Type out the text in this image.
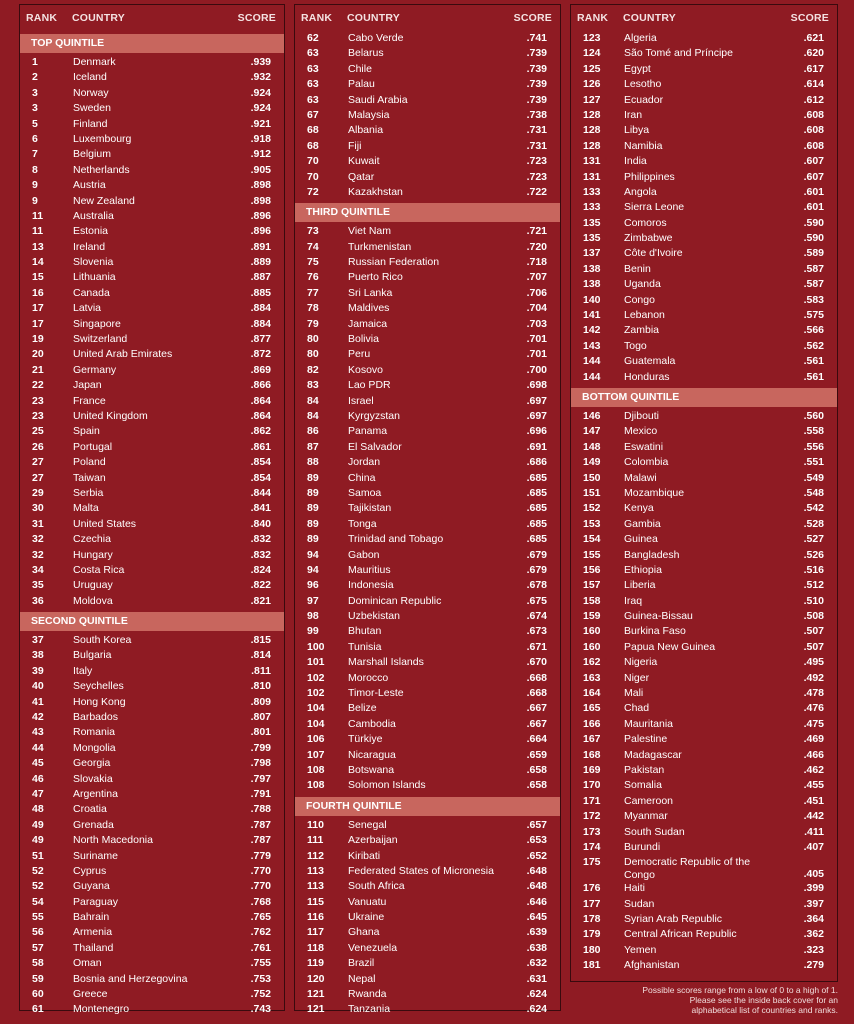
RANK COUNTRY	SCORE
TOP QUINTILE
1	Denmark	.939
2	Iceland	.932
3	Norway	.924
3	Sweden	.924
5	Finland	.921
6	Luxembourg	.918
7	Belgium	.912
8	Netherlands	.905
9	Austria	.898
9	New Zealand	.898
11	Australia	.896
11	Estonia	.896
13	Ireland	.891
14	Slovenia	.889
15	Lithuania	.887
16	Canada	.885
17	Latvia	.884
17	Singapore	.884
19	Switzerland	.877
20	United Arab Emirates	.872
21	Germany	.869
22	Japan	.866
23	France	.864
23	United Kingdom	.864
25	Spain	.862
26	Portugal	.861
27	Poland	.854
27	Taiwan	.854
29	Serbia	.844
30	Malta	.841
31	United States	.840
32	Czechia	.832
32	Hungary	.832
34	Costa Rica	.824
35	Uruguay	.822
36	Moldova	.821
SECOND QUINTILE
37	South Korea	.815
38	Bulgaria	.814
39	Italy	.811
40	Seychelles	.810
41	Hong Kong	.809
42	Barbados	.807
43	Romania	.801
44	Mongolia	.799
45	Georgia	.798
46	Slovakia	.797
47	Argentina	.791
48	Croatia	.788
49	Grenada	.787
49	North Macedonia	.787
51	Suriname	.779
52	Cyprus	.770
52	Guyana	.770
54	Paraguay	.768
55	Bahrain	.765
56	Armenia	.762
57	Thailand	.761
58	Oman	.755
59	Bosnia and Herzegovina	.753
60	Greece	.752
61	Montenegro	.743
RANK COUNTRY	SCORE
62	Cabo Verde	.741
63	Belarus	.739
63	Chile	.739
63	Palau	.739
63	Saudi Arabia	.739
67	Malaysia	.738
68	Albania	.731
68	Fiji	.731
70	Kuwait	.723
70	Qatar	.723
72	Kazakhstan	.722
THIRD QUINTILE
73	Viet Nam	.721
74	Turkmenistan	.720
75	Russian Federation	.718
76	Puerto Rico	.707
77	Sri Lanka	.706
78	Maldives	.704
79	Jamaica	.703
80	Bolivia	.701
80	Peru	.701
82	Kosovo	.700
83	Lao PDR	.698
84	Israel	.697
84	Kyrgyzstan	.697
86	Panama	.696
87	El Salvador	.691
88	Jordan	.686
89	China	.685
89	Samoa	.685
89	Tajikistan	.685
89	Tonga	.685
89	Trinidad and Tobago	.685
94	Gabon	.679
94	Mauritius	.679
96	Indonesia	.678
97	Dominican Republic	.675
98	Uzbekistan	.674
99	Bhutan	.673
100 Tunisia	.671
101 Marshall Islands	.670
102 Morocco	.668
102 Timor-Leste	.668
104 Belize	.667
104 Cambodia	.667
106 Türkiye	.664
107 Nicaragua	.659
108 Botswana	.658
108 Solomon Islands	.658
FOURTH QUINTILE
110 Senegal	.657
111 Azerbaijan	.653
112 Kiribati	.652
113 Federated States of Micronesia	.648
113 South Africa	.648
115 Vanuatu	.646
116 Ukraine	.645
117 Ghana	.639
118 Venezuela	.638
119 Brazil	.632
120 Nepal	.631
121 Rwanda	.624
121 Tanzania	.624
RANK COUNTRY	SCORE
123 Algeria	.621
124 São Tomé and Príncipe	.620
125 Egypt	.617
126 Lesotho	.614
127 Ecuador	.612
128 Iran	.608
128 Libya	.608
128 Namibia	.608
131 India	.607
131 Philippines	.607
133 Angola	.601
133 Sierra Leone	.601
135 Comoros	.590
135 Zimbabwe	.590
137 Côte d'Ivoire	.589
138 Benin	.587
138 Uganda	.587
140 Congo	.583
141 Lebanon	.575
142 Zambia	.566
143 Togo	.562
144 Guatemala	.561
144 Honduras	.561
BOTTOM QUINTILE
146 Djibouti	.560
147 Mexico	.558
148 Eswatini	.556
149 Colombia	.551
150 Malawi	.549
151 Mozambique	.548
152 Kenya	.542
153 Gambia	.528
154 Guinea	.527
155 Bangladesh	.526
156 Ethiopia	.516
157 Liberia	.512
158 Iraq	.510
159 Guinea-Bissau	.508
160 Burkina Faso	.507
160 Papua New Guinea	.507
162 Nigeria	.495
163 Niger	.492
164 Mali	.478
165 Chad	.476
166 Mauritania	.475
167 Palestine	.469
168 Madagascar	.466
169 Pakistan	.462
170 Somalia	.455
171 Cameroon	.451
172 Myanmar	.442
173 South Sudan	.411
174 Burundi	.407
175 Democratic Republic of the Congo	.405
176 Haiti	.399
177 Sudan	.397
178 Syrian Arab Republic	.364
179 Central African Republic	.362
180 Yemen	.323
181 Afghanistan	.279
Possible scores range from a low of 0 to a high of 1.
Please see the inside back cover for an
alphabetical list of countries and ranks.
